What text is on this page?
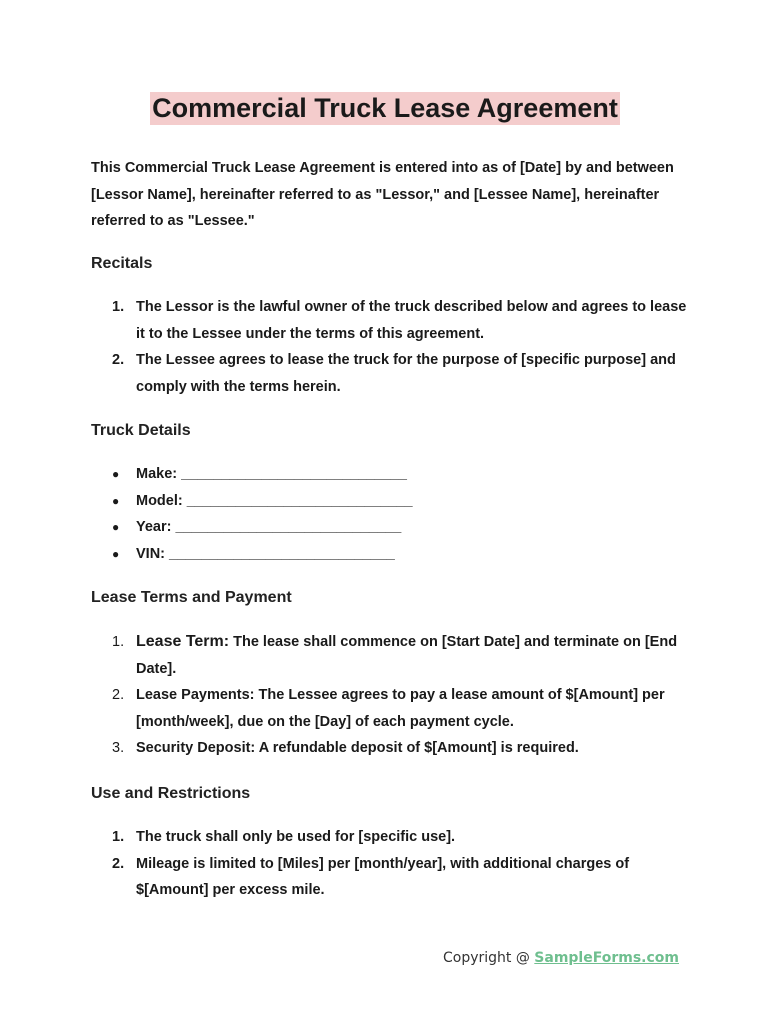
Commercial Truck Lease Agreement

This Commercial Truck Lease Agreement is entered into as of [Date] by and between [Lessor Name], hereinafter referred to as "Lessor," and [Lessee Name], hereinafter referred to as "Lessee."

Recitals
1. The Lessor is the lawful owner of the truck described below and agrees to lease it to the Lessee under the terms of this agreement.
2. The Lessee agrees to lease the truck for the purpose of [specific purpose] and comply with the terms herein.
Truck Details
● Make: ____________________________
● Model: ____________________________
● Year: ____________________________
● VIN: ____________________________
Lease Terms and Payment
1. Lease Term: The lease shall commence on [Start Date] and terminate on [End Date].
2. Lease Payments: The Lessee agrees to pay a lease amount of $[Amount] per [month/week], due on the [Day] of each payment cycle.
3. Security Deposit: A refundable deposit of $[Amount] is required.
Use and Restrictions
1. The truck shall only be used for [specific use].
2. Mileage is limited to [Miles] per [month/year], with additional charges of $[Amount] per excess mile.
Copyright @ SampleForms.com
